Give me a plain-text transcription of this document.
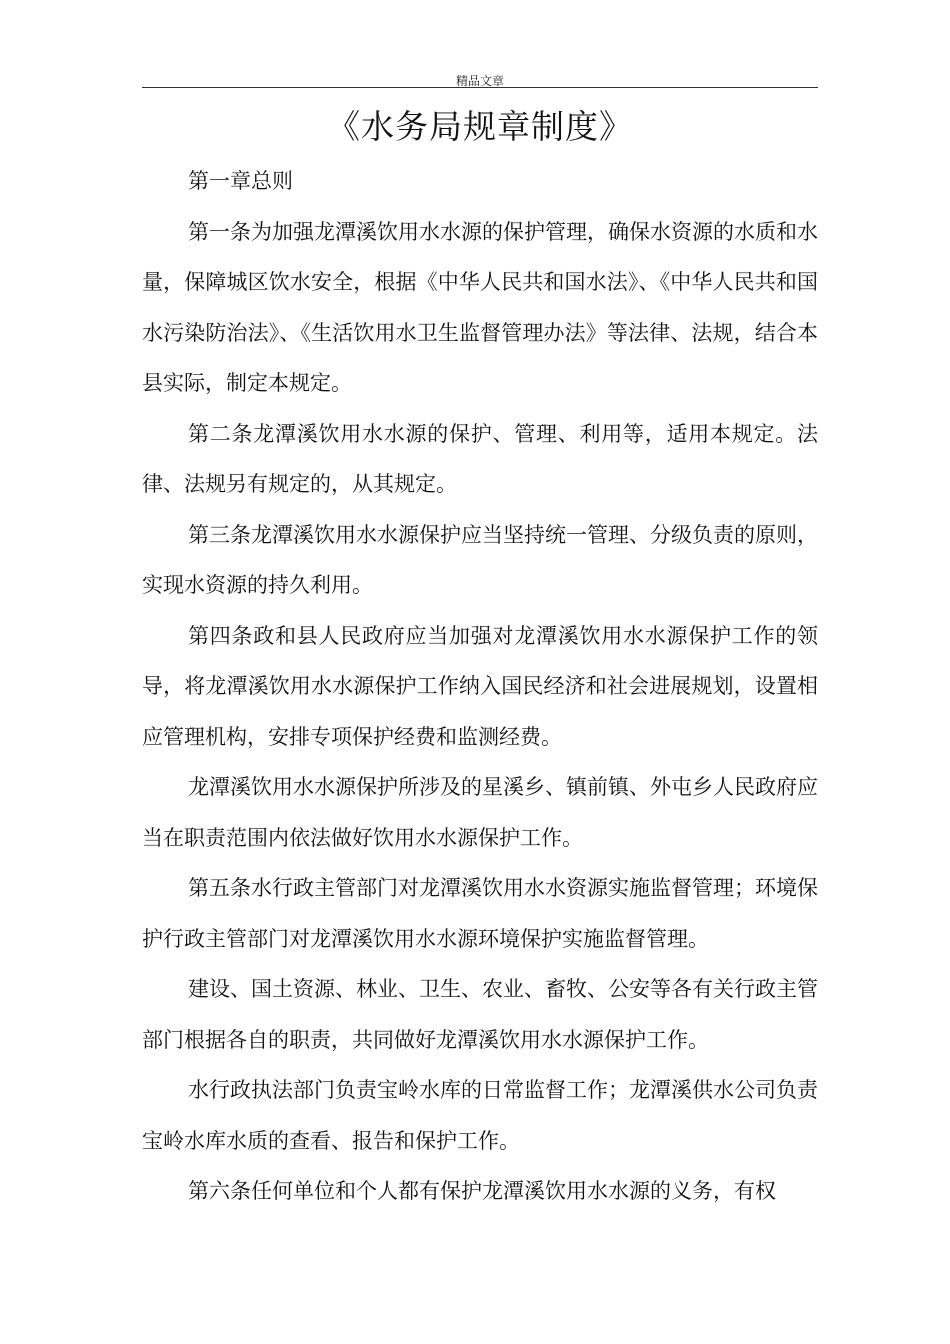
精品文章
《水务局规章制度》

第一章总则

第一条为加强龙潭溪饮用水水源的保护管理，确保水资源的水质和水量，保障城区饮水安全，根据《中华人民共和国水法》、《中华人民共和国水污染防治法》、《生活饮用水卫生监督管理办法》等法律、法规，结合本县实际，制定本规定。

第二条龙潭溪饮用水水源的保护、管理、利用等，适用本规定。法律、法规另有规定的，从其规定。

第三条龙潭溪饮用水水源保护应当坚持统一管理、分级负责的原则，实现水资源的持久利用。

第四条政和县人民政府应当加强对龙潭溪饮用水水源保护工作的领导，将龙潭溪饮用水水源保护工作纳入国民经济和社会进展规划，设置相应管理机构，安排专项保护经费和监测经费。

龙潭溪饮用水水源保护所涉及的星溪乡、镇前镇、外屯乡人民政府应当在职责范围内依法做好饮用水水源保护工作。

第五条水行政主管部门对龙潭溪饮用水水资源实施监督管理；环境保护行政主管部门对龙潭溪饮用水水源环境保护实施监督管理。

建设、国土资源、林业、卫生、农业、畜牧、公安等各有关行政主管部门根据各自的职责，共同做好龙潭溪饮用水水源保护工作。

水行政执法部门负责宝岭水库的日常监督工作；龙潭溪供水公司负责宝岭水库水质的查看、报告和保护工作。

第六条任何单位和个人都有保护龙潭溪饮用水水源的义务，有权
